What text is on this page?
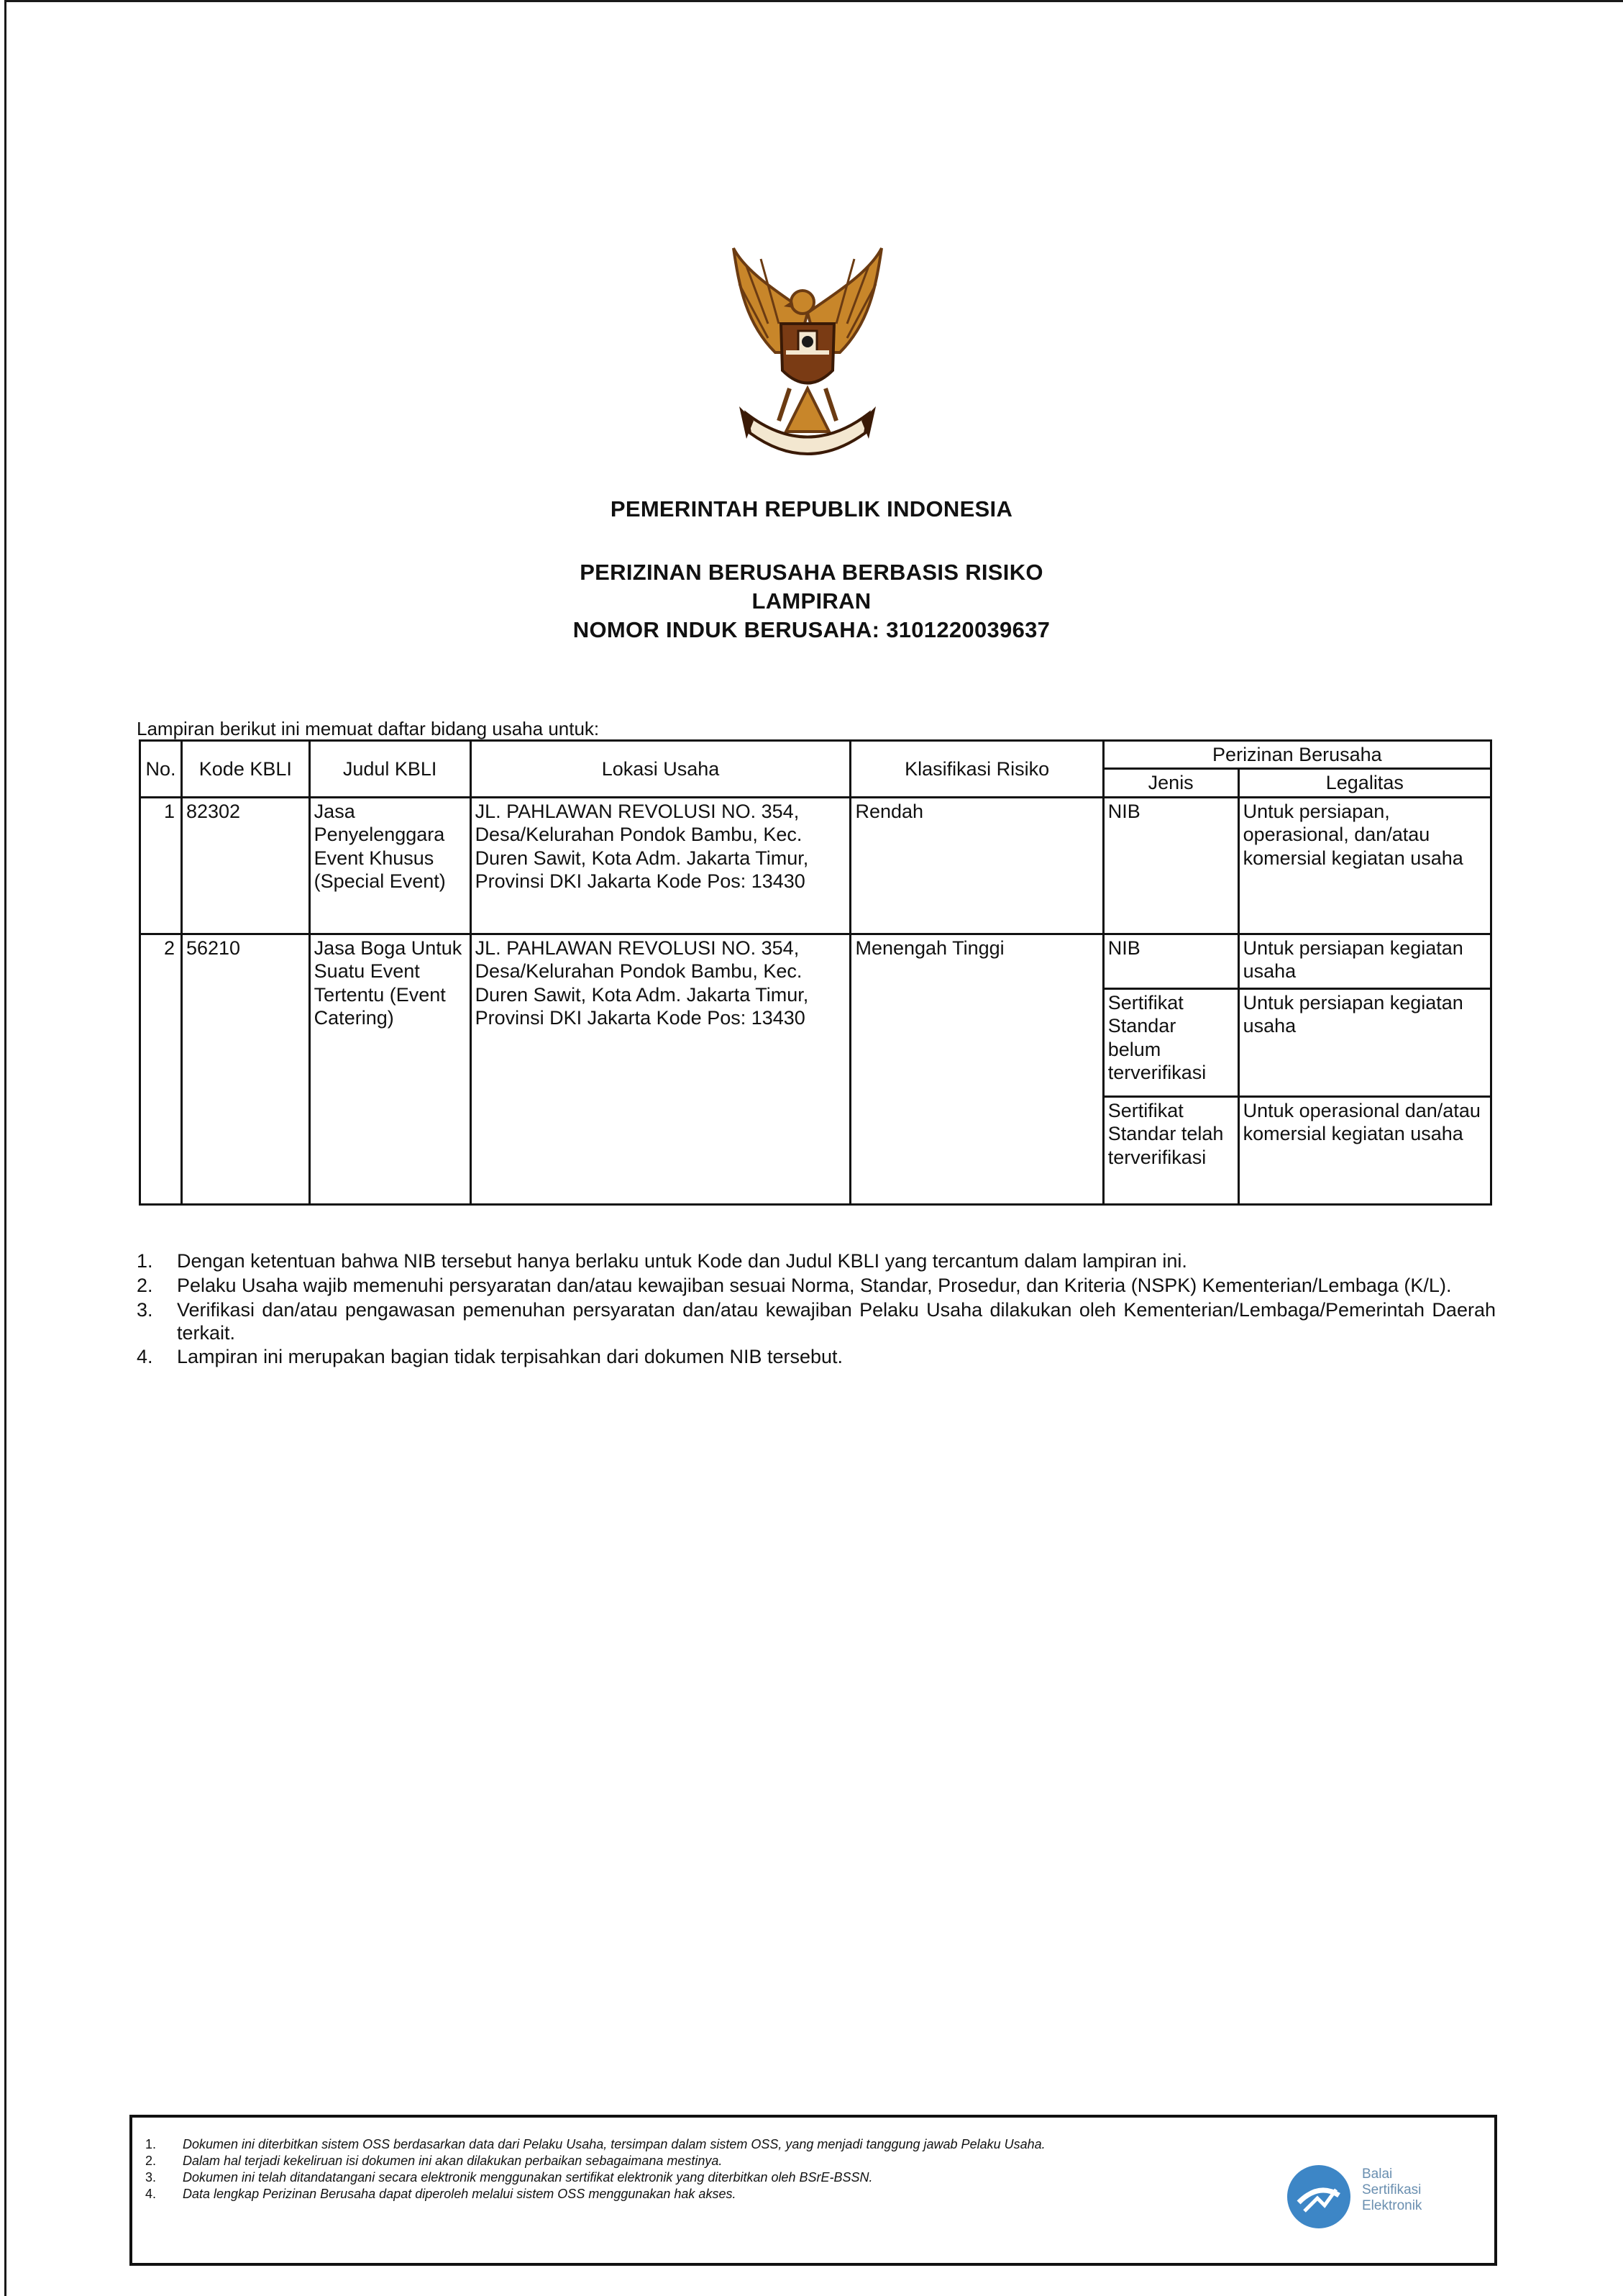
PEMERINTAH REPUBLIK INDONESIA
PERIZINAN BERUSAHA BERBASIS RISIKO
LAMPIRAN
NOMOR INDUK BERUSAHA: 3101220039637
Lampiran berikut ini memuat daftar bidang usaha untuk:
No.	Kode KBLI	Judul KBLI	Lokasi Usaha	Klasifikasi Risiko	Perizinan Berusaha	
					Jenis	Legalitas
1	82302	Jasa Penyelenggara Event Khusus (Special Event)	JL. PAHLAWAN REVOLUSI NO. 354, Desa/Kelurahan Pondok Bambu, Kec. Duren Sawit, Kota Adm. Jakarta Timur, Provinsi DKI Jakarta Kode Pos: 13430	Rendah	NIB	Untuk persiapan, operasional, dan/atau komersial kegiatan usaha
2	56210	Jasa Boga Untuk Suatu Event Tertentu (Event Catering)	JL. PAHLAWAN REVOLUSI NO. 354, Desa/Kelurahan Pondok Bambu, Kec. Duren Sawit, Kota Adm. Jakarta Timur, Provinsi DKI Jakarta Kode Pos: 13430	Menengah Tinggi	NIB	Untuk persiapan kegiatan usaha
					Sertifikat Standar belum terverifikasi	Untuk persiapan kegiatan usaha
					Sertifikat Standar telah terverifikasi	Untuk operasional dan/atau komersial kegiatan usaha
1.	Dengan ketentuan bahwa NIB tersebut hanya berlaku untuk Kode dan Judul KBLI yang tercantum dalam lampiran ini.
2.	Pelaku Usaha wajib memenuhi persyaratan dan/atau kewajiban sesuai Norma, Standar, Prosedur, dan Kriteria (NSPK) Kementerian/Lembaga (K/L).
3.	Verifikasi dan/atau pengawasan pemenuhan persyaratan dan/atau kewajiban Pelaku Usaha dilakukan oleh Kementerian/Lembaga/Pemerintah Daerah terkait.
4.	Lampiran ini merupakan bagian tidak terpisahkan dari dokumen NIB tersebut.
1.	Dokumen ini diterbitkan sistem OSS berdasarkan data dari Pelaku Usaha, tersimpan dalam sistem OSS, yang menjadi tanggung jawab Pelaku Usaha.
2.	Dalam hal terjadi kekeliruan isi dokumen ini akan dilakukan perbaikan sebagaimana mestinya.
3.	Dokumen ini telah ditandatangani secara elektronik menggunakan sertifikat elektronik yang diterbitkan oleh BSrE-BSSN.
4.	Data lengkap Perizinan Berusaha dapat diperoleh melalui sistem OSS menggunakan hak akses.
Balai
Sertifikasi
Elektronik
